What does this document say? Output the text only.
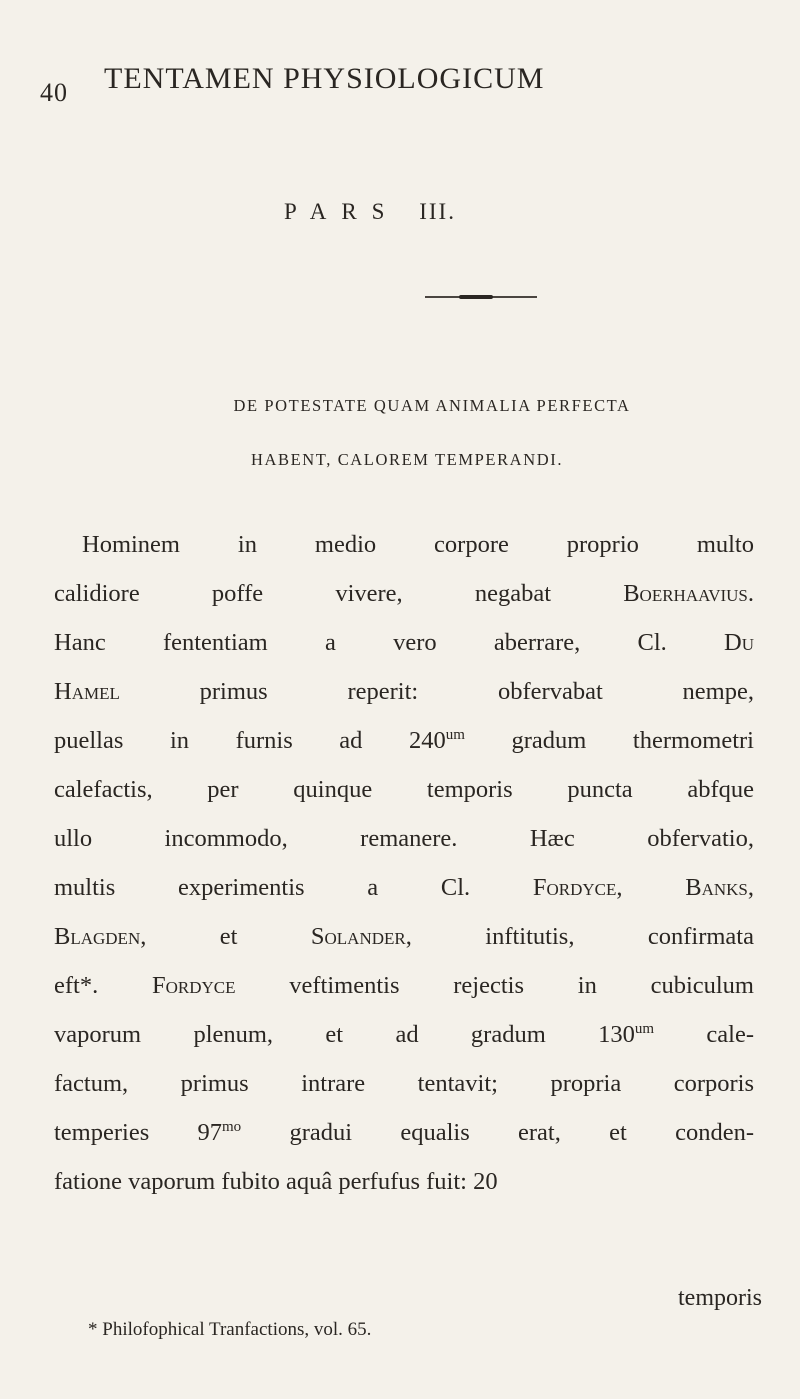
40 TENTAMEN PHYSIOLOGICUM
PARS III.
DE POTESTATE QUAM ANIMALIA PERFECTA
HABENT, CALOREM TEMPERANDI.
Hominem in medio corpore proprio multo
calidiore poffe vivere, negabat Boerhaavius.
Hanc fententiam a vero aberrare, Cl. Du
Hamel primus reperit: obfervabat nempe,
puellas in furnis ad $240^{um}$ gradum thermometri
calefactis, per quinque temporis puncta abfque
ullo incommodo, remanere. Hæc obfervatio,
multis experimentis a Cl. Fordyce, Banks,
Blagden, et Solander, inftitutis, confirmata
eft*. Fordyce veftimentis rejectis in cubiculum
vaporum plenum, et ad gradum $130^{um}$ cale-
factum, primus intrare tentavit; propria corporis
temperies $97^{mo}$ gradui equalis erat, et conden-
fatione vaporum fubito aquâ perfufus fuit: 20
temporis
* Philofophical Tranfactions, vol. 65.
